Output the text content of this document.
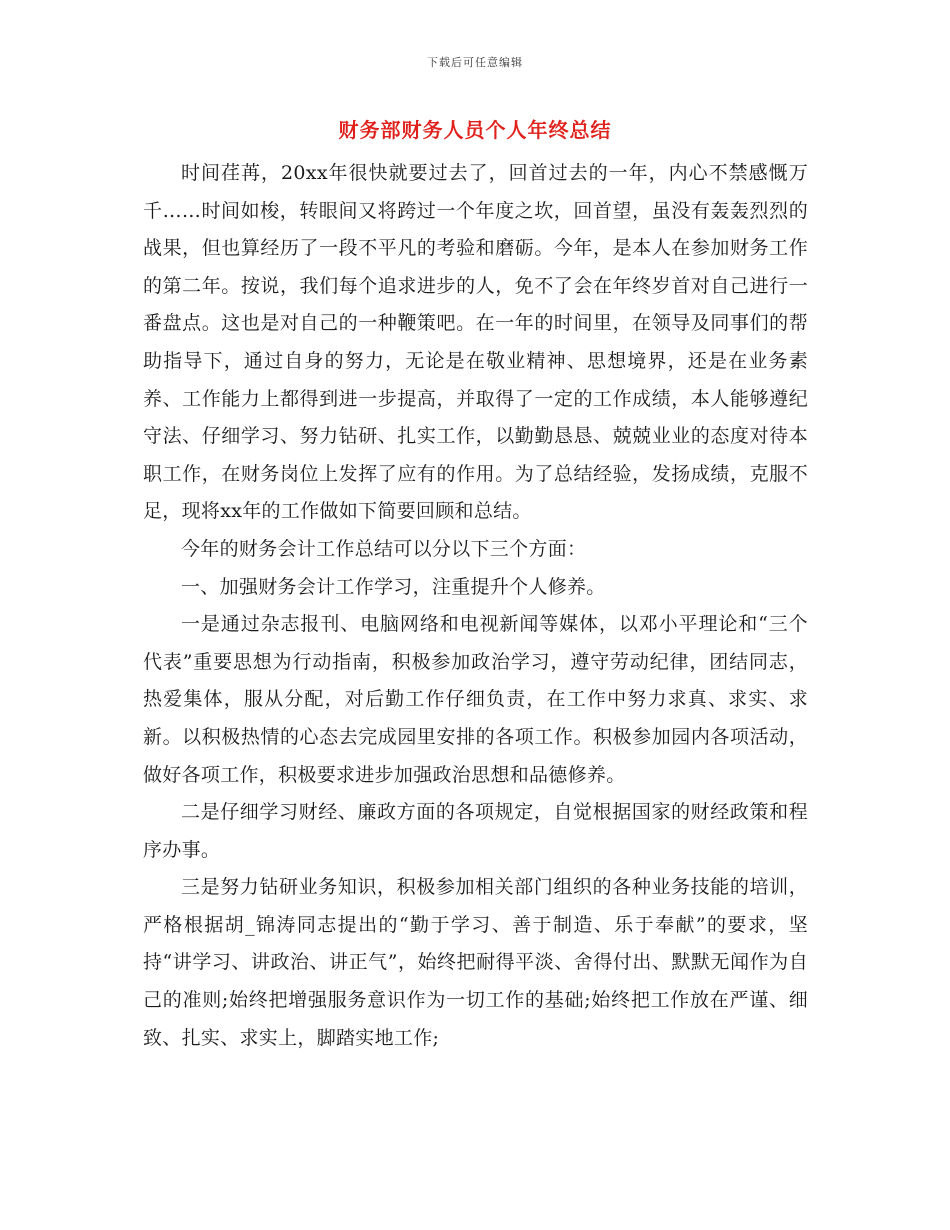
下载后可任意编辑
财务部财务人员个人年终总结

时间荏苒，20xx年很快就要过去了，回首过去的一年，内心不禁感慨万千……时间如梭，转眼间又将跨过一个年度之坎，回首望，虽没有轰轰烈烈的战果，但也算经历了一段不平凡的考验和磨砺。今年，是本人在参加财务工作的第二年。按说，我们每个追求进步的人，免不了会在年终岁首对自己进行一番盘点。这也是对自己的一种鞭策吧。在一年的时间里，在领导及同事们的帮助指导下，通过自身的努力，无论是在敬业精神、思想境界，还是在业务素养、工作能力上都得到进一步提高，并取得了一定的工作成绩，本人能够遵纪守法、仔细学习、努力钻研、扎实工作，以勤勤恳恳、兢兢业业的态度对待本职工作，在财务岗位上发挥了应有的作用。为了总结经验，发扬成绩，克服不足，现将xx年的工作做如下简要回顾和总结。

今年的财务会计工作总结可以分以下三个方面：

一、加强财务会计工作学习，注重提升个人修养。

一是通过杂志报刊、电脑网络和电视新闻等媒体，以邓小平理论和“三个代表”重要思想为行动指南，积极参加政治学习，遵守劳动纪律，团结同志，热爱集体，服从分配，对后勤工作仔细负责，在工作中努力求真、求实、求新。以积极热情的心态去完成园里安排的各项工作。积极参加园内各项活动，做好各项工作，积极要求进步加强政治思想和品德修养。

二是仔细学习财经、廉政方面的各项规定，自觉根据国家的财经政策和程序办事。

三是努力钻研业务知识，积极参加相关部门组织的各种业务技能的培训，严格根据胡_锦涛同志提出的“勤于学习、善于制造、乐于奉献”的要求，坚持“讲学习、讲政治、讲正气”，始终把耐得平淡、舍得付出、默默无闻作为自己的准则;始终把增强服务意识作为一切工作的基础;始终把工作放在严谨、细致、扎实、求实上，脚踏实地工作;
